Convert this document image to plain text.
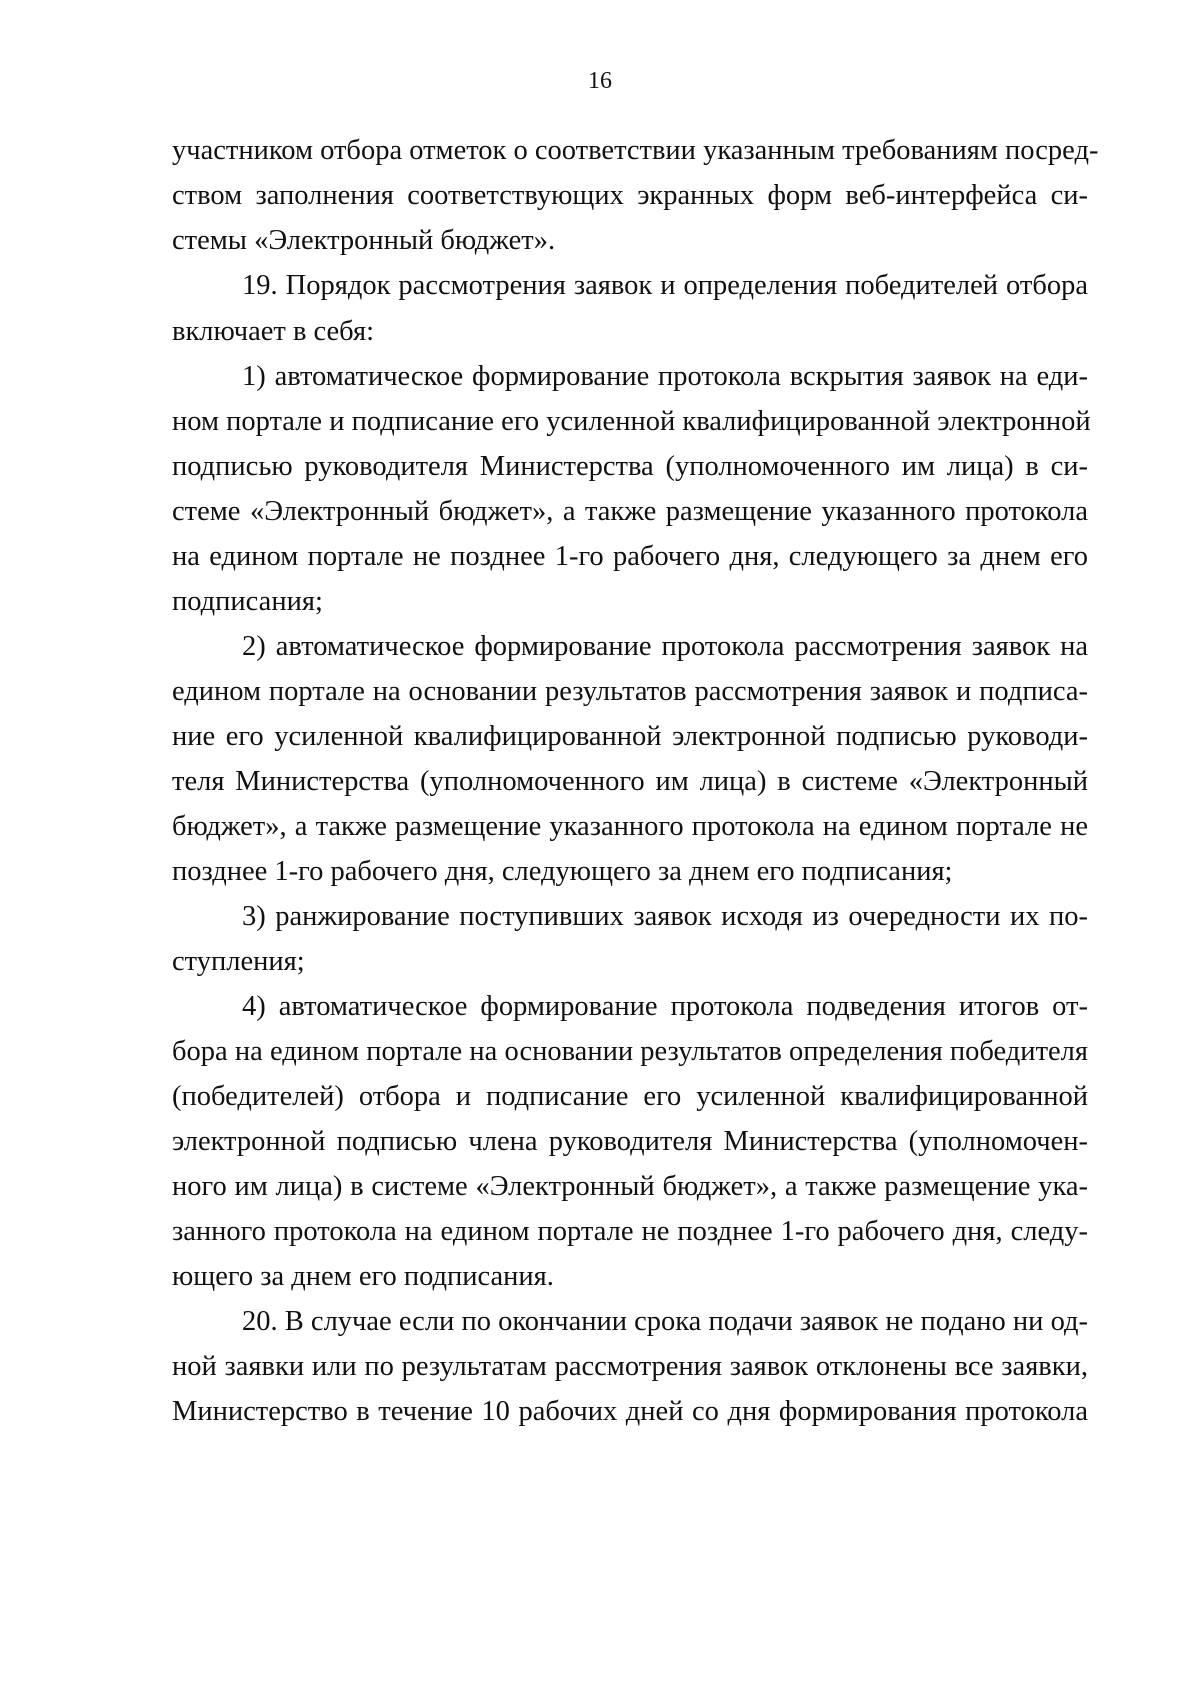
16
участником отбора отметок о соответствии указанным требованиям посред-
ством заполнения соответствующих экранных форм веб-интерфейса си-
стемы «Электронный бюджет».
19. Порядок рассмотрения заявок и определения победителей отбора
включает в себя:
1) автоматическое формирование протокола вскрытия заявок на еди-
ном портале и подписание его усиленной квалифицированной электронной
подписью руководителя Министерства (уполномоченного им лица) в си-
стеме «Электронный бюджет», а также размещение указанного протокола
на едином портале не позднее 1-го рабочего дня, следующего за днем его
подписания;
2) автоматическое формирование протокола рассмотрения заявок на
едином портале на основании результатов рассмотрения заявок и подписа-
ние его усиленной квалифицированной электронной подписью руководи-
теля Министерства (уполномоченного им лица) в системе «Электронный
бюджет», а также размещение указанного протокола на едином портале не
позднее 1-го рабочего дня, следующего за днем его подписания;
3) ранжирование поступивших заявок исходя из очередности их по-
ступления;
4) автоматическое формирование протокола подведения итогов от-
бора на едином портале на основании результатов определения победителя
(победителей) отбора и подписание его усиленной квалифицированной
электронной подписью члена руководителя Министерства (уполномочен-
ного им лица) в системе «Электронный бюджет», а также размещение ука-
занного протокола на едином портале не позднее 1-го рабочего дня, следу-
ющего за днем его подписания.
20. В случае если по окончании срока подачи заявок не подано ни од-
ной заявки или по результатам рассмотрения заявок отклонены все заявки,
Министерство в течение 10 рабочих дней со дня формирования протокола
